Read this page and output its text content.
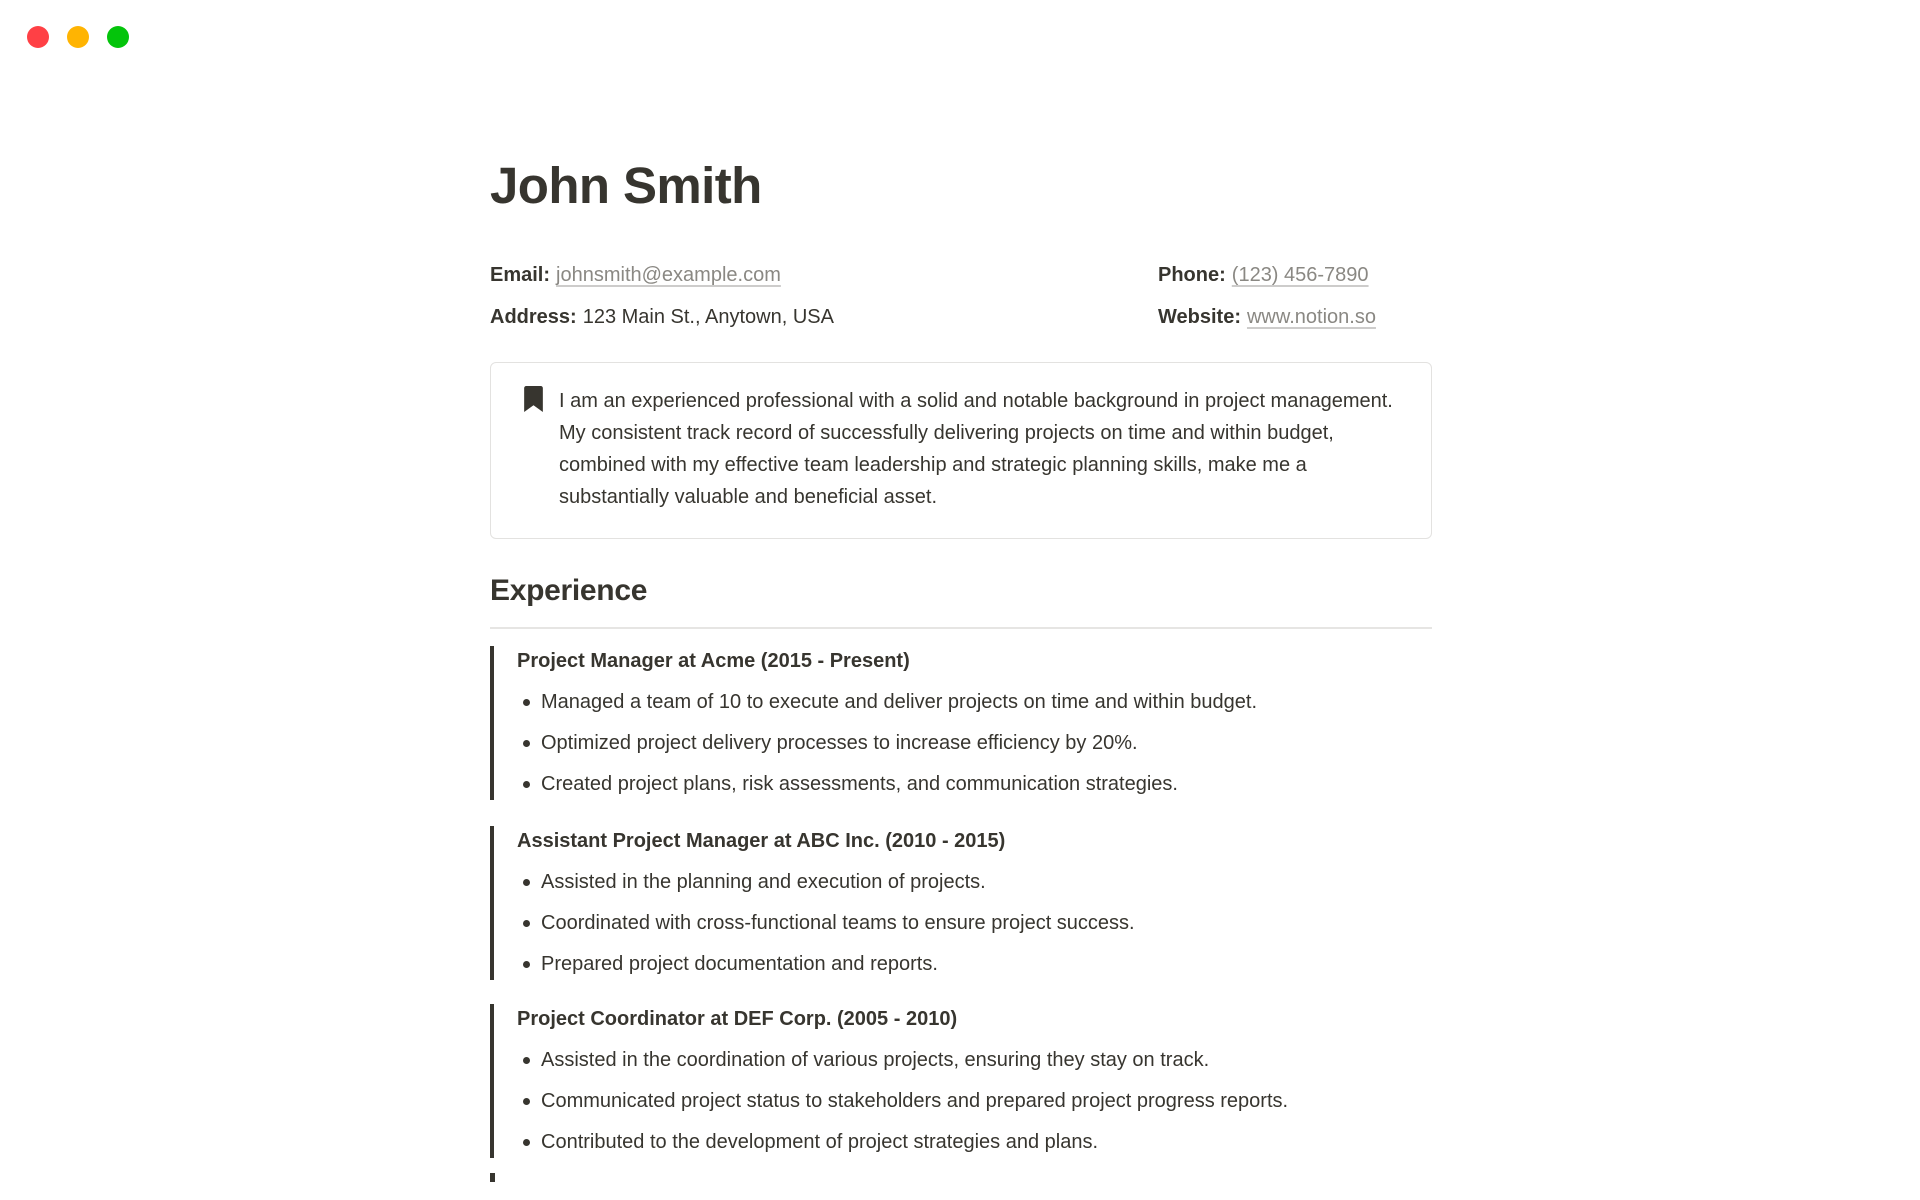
John Smith
Email: johnsmith@example.com
Address: 123 Main St., Anytown, USA
Phone: (123) 456-7890
Website: www.notion.so
I am an experienced professional with a solid and notable background in project management. My consistent track record of successfully delivering projects on time and within budget, combined with my effective team leadership and strategic planning skills, make me a substantially valuable and beneficial asset.
Experience
Project Manager at Acme (2015 - Present)
Managed a team of 10 to execute and deliver projects on time and within budget.
Optimized project delivery processes to increase efficiency by 20%.
Created project plans, risk assessments, and communication strategies.
Assistant Project Manager at ABC Inc. (2010 - 2015)
Assisted in the planning and execution of projects.
Coordinated with cross-functional teams to ensure project success.
Prepared project documentation and reports.
Project Coordinator at DEF Corp. (2005 - 2010)
Assisted in the coordination of various projects, ensuring they stay on track.
Communicated project status to stakeholders and prepared project progress reports.
Contributed to the development of project strategies and plans.
